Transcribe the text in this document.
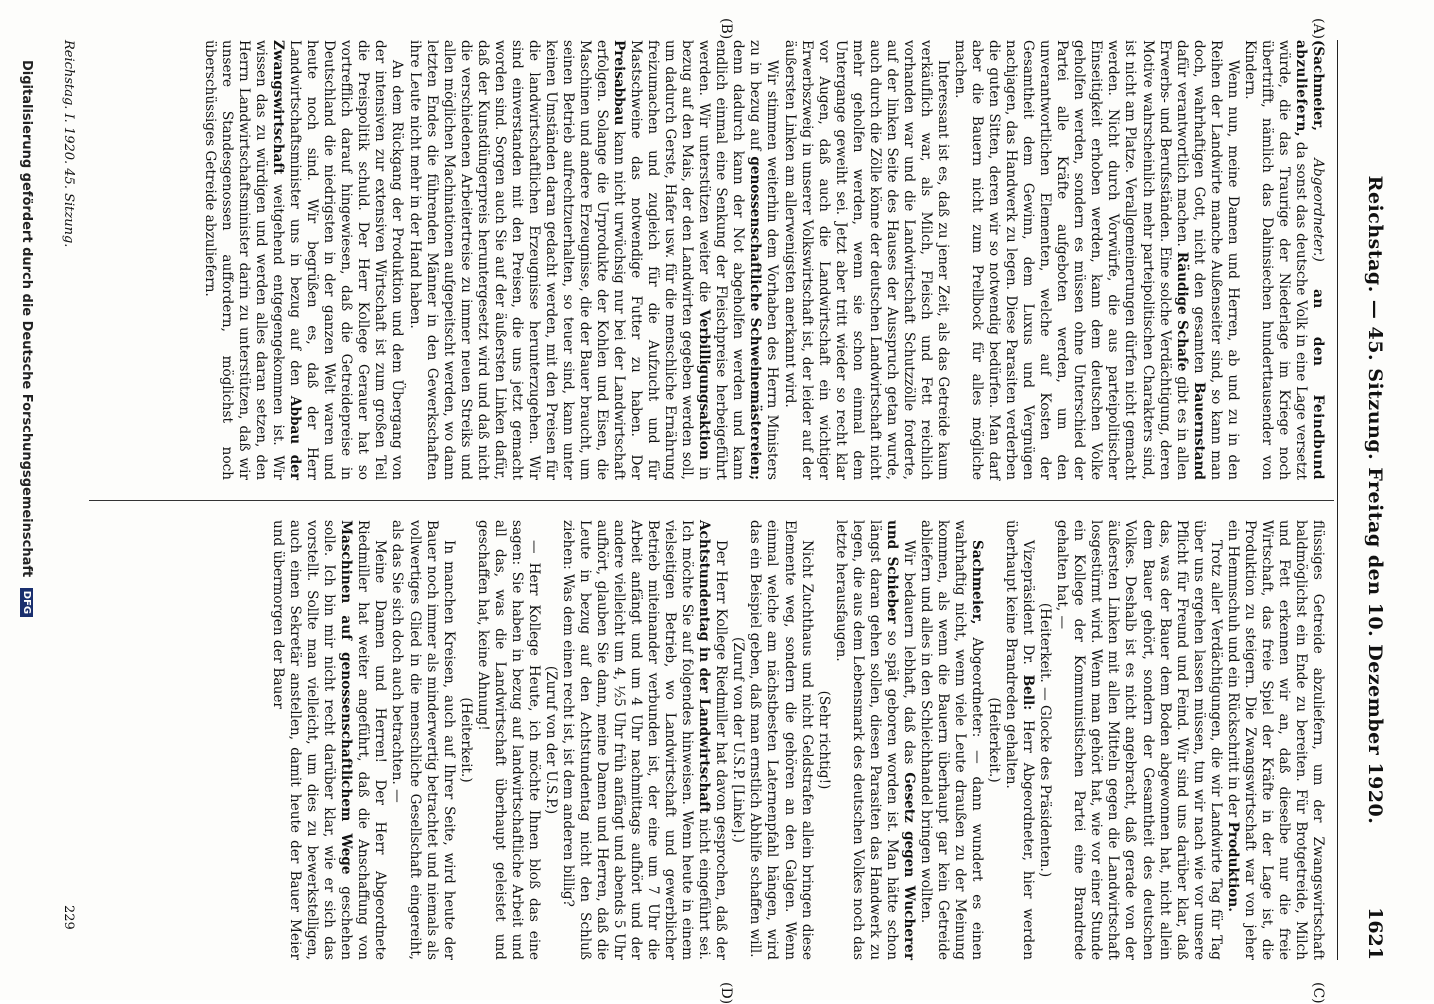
Reichstag. — 45. Sitzung. Freitag den 10. Dezember 1920.
1621
(A)
(B)
(C)
(D)

(Sachmeier, Abgeordneter.) an den Feindbund abzuliefern, da sonst das deutsche Volk in eine Lage versetzt würde, die das Traurige der Niederlage im Kriege noch übertrifft, nämlich das Dahinsiechen hunderttausender von Kindern.

Wenn nun, meine Damen und Herren, ab und zu in den Reihen der Landwirte manche Außenseiter sind, so kann man doch, wahrhaftigen Gott, nicht den gesamten Bauernstand dafür verantwortlich machen. Räudige Schafe gibt es in allen Erwerbs- und Berufsständen. Eine solche Verdächtigung, deren Motive wahrscheinlich mehr parteipolitischen Charakters sind, ist nicht am Platze. Verallgemeinerungen dürfen nicht gemacht werden. Nicht durch Vorwürfe, die aus parteipolitischer Einseitigkeit erhoben werden, kann dem deutschen Volke geholfen werden, sondern es müssen ohne Unterschied der Partei alle Kräfte aufgeboten werden, um den unverantwortlichen Elementen, welche auf Kosten der Gesamtheit dem Gewinn, dem Luxus und Vergnügen nachjagen, das Handwerk zu legen. Diese Parasiten verderben die guten Sitten, deren wir so notwendig bedürfen. Man darf aber die Bauern nicht zum Prellbock für alles mögliche machen.

Interessant ist es, daß zu jener Zeit, als das Getreide kaum verkäuflich war, als Milch, Fleisch und Fett reichlich vorhanden war und die Landwirtschaft Schutzzölle forderte, auf der linken Seite des Hauses der Ausspruch getan wurde, auch durch die Zölle könne der deutschen Landwirtschaft nicht mehr geholfen werden, wenn sie schon einmal dem Untergange geweiht sei. Jetzt aber tritt wieder so recht klar vor Augen, daß auch die Landwirtschaft ein wichtiger Erwerbszweig in unserer Volkswirtschaft ist, der leider auf der äußersten Linken am allerwenigsten anerkannt wird.

Wir stimmen weiterhin dem Vorhaben des Herrn Ministers zu in bezug auf genossenschaftliche Schweinemästereien; denn dadurch kann der Not abgeholfen werden und kann endlich einmal eine Senkung der Fleischpreise herbeigeführt werden. Wir unterstützen weiter die Verbilligungsaktion in bezug auf den Mais, der den Landwirten gegeben werden soll, um dadurch Gerste, Hafer usw. für die menschliche Ernährung freizumachen und zugleich für die Aufzucht und für Mastschweine das notwendige Futter zu haben. Der Preisabbau kann nicht urwüchsig nur bei der Landwirtschaft erfolgen. Solange die Urprodukte der Kohlen und Eisen, die Maschinen und andere Erzeugnisse, die der Bauer braucht, um seinen Betrieb aufrechtzuerhalten, so teuer sind, kann unter keinen Umständen daran gedacht werden, mit den Preisen für die landwirtschaftlichen Erzeugnisse herunterzugehen. Wir sind einverstanden mit den Preisen, die uns jetzt gemacht worden sind. Sorgen auch Sie auf der äußersten Linken dafür, daß der Kunstdüngerpreis heruntergesetzt wird und daß nicht die verschiedenen Arbeitertreise zu immer neuen Streiks und allen möglichen Machinationen aufgepeitscht werden, wo dann letzten Endes die führenden Männer in den Gewerkschaften ihre Leute nicht mehr in der Hand haben.

An dem Rückgang der Produktion und dem Übergang von der intensiven zur extensiven Wirtschaft ist zum großen Teil die Preispolitik schuld. Der Herr Kollege Gerauer hat so vortrefflich darauf hingewiesen, daß die Getreidepreise in Deutschland die niedrigsten in der ganzen Welt waren und heute noch sind. Wir begrüßen es, daß der Herr Landwirtschaftsminister uns in bezug auf den Abbau der Zwangswirtschaft weitgehend entgegengekommen ist. Wir wissen das zu würdigen und werden alles daran setzen, den Herrn Landwirtschaftsminister darin zu unterstützen, daß wir unsere Standesgenossen auffordern, möglichst noch überschüssiges Getreide abzuliefern.

flüssiges Getreide abzuliefern, um der Zwangswirtschaft baldmöglichst ein Ende zu bereiten. Für Brotgetreide, Milch und Fett erkennen wir an, daß dieselbe nur die freie Wirtschaft, das freie Spiel der Kräfte in der Lage ist, die Produktion zu steigern. Die Zwangswirtschaft war von jeher ein Hemmschuh und ein Rückschritt in der Produktion.

Trotz aller Verdächtigungen, die wir Landwirte Tag für Tag über uns ergehen lassen müssen, tun wir nach wie vor unsere Pflicht für Freund und Feind. Wir sind uns darüber klar, daß das, was der Bauer dem Boden abgewonnen hat, nicht allein dem Bauer gehört, sondern der Gesamtheit des deutschen Volkes. Deshalb ist es nicht angebracht, daß gerade von der äußersten Linken mit allen Mitteln gegen die Landwirtschaft losgestürmt wird. Wenn man gehört hat, wie vor einer Stunde ein Kollege der Kommunistischen Partei eine Brandrede gehalten hat, —

(Heiterkeit. — Glocke des Präsidenten.)

Vizepräsident Dr. Bell: Herr Abgeordneter, hier werden überhaupt keine Brandreden gehalten.

(Heiterkeit.)

Sachmeier, Abgeordneter: — dann wundert es einen wahrhaftig nicht, wenn viele Leute draußen zu der Meinung kommen, als wenn die Bauern überhaupt gar kein Getreide abliefern und alles in den Schleichhandel bringen wollten.

Wir bedauern lebhaft, daß das Gesetz gegen Wucherer und Schieber so spät geboren worden ist. Man hätte schon längst daran gehen sollen, diesen Parasiten das Handwerk zu legen, die aus dem Lebensmark des deutschen Volkes noch das letzte herausfaugen.

(Sehr richtig!)

Nicht Zuchthaus und nicht Geldstrafen allein bringen diese Elemente weg, sondern die gehören an den Galgen. Wenn einmal welche am nächstbesten Laternenpfahl hängen, wird das ein Beispiel geben, daß man ernstlich Abhilfe schaffen will.

(Zuruf von der U.S.P. [Linke].)

Der Herr Kollege Riedmiller hat davon gesprochen, daß der Achtstundentag in der Landwirtschaft nicht eingeführt sei. Ich möchte Sie auf folgendes hinweisen. Wenn heute in einem vielseitigen Betrieb, wo Landwirtschaft und gewerblicher Betrieb miteinander verbunden ist, der eine um 7 Uhr die Arbeit anfängt und um 4 Uhr nachmittags aufhört und der andere vielleicht um 4, ½5 Uhr früh anfängt und abends 5 Uhr aufhört, glauben Sie dann, meine Damen und Herren, daß die Leute in bezug auf den Achtstundentag nicht den Schluß ziehen: Was dem einen recht ist, ist dem anderen billig?

(Zuruf von der U.S.P.)

— Herr Kollege Heute, ich möchte Ihnen bloß das eine sagen: Sie haben in bezug auf landwirtschaftliche Arbeit und all das, was die Landwirtschaft überhaupt geleistet und geschaffen hat, keine Ahnung!

(Heiterkeit.)

In manchen Kreisen, auch auf Ihrer Seite, wird heute der Bauer noch immer als minderwertig betrachtet und niemals als vollwertiges Glied in die menschliche Gesellschaft eingereiht, als das Sie sich doch auch betrachten. —

Meine Damen und Herren! Der Herr Abgeordnete Riedmiller hat weiter angeführt, daß die Anschaffung von Maschinen auf genossenschaftlichem Wege geschehen solle. Ich bin mir nicht recht darüber klar, wie er sich das vorstellt. Sollte man vielleicht, um dies zu bewerkstelligen, auch einen Sekretär anstellen, damit heute der Bauer Meier und übermorgen der Bauer

Reichstag. I. 1920. 45. Sitzung.
229
Digitalisierung gefördert durch die Deutsche Forschungsgemeinschaft DFG
